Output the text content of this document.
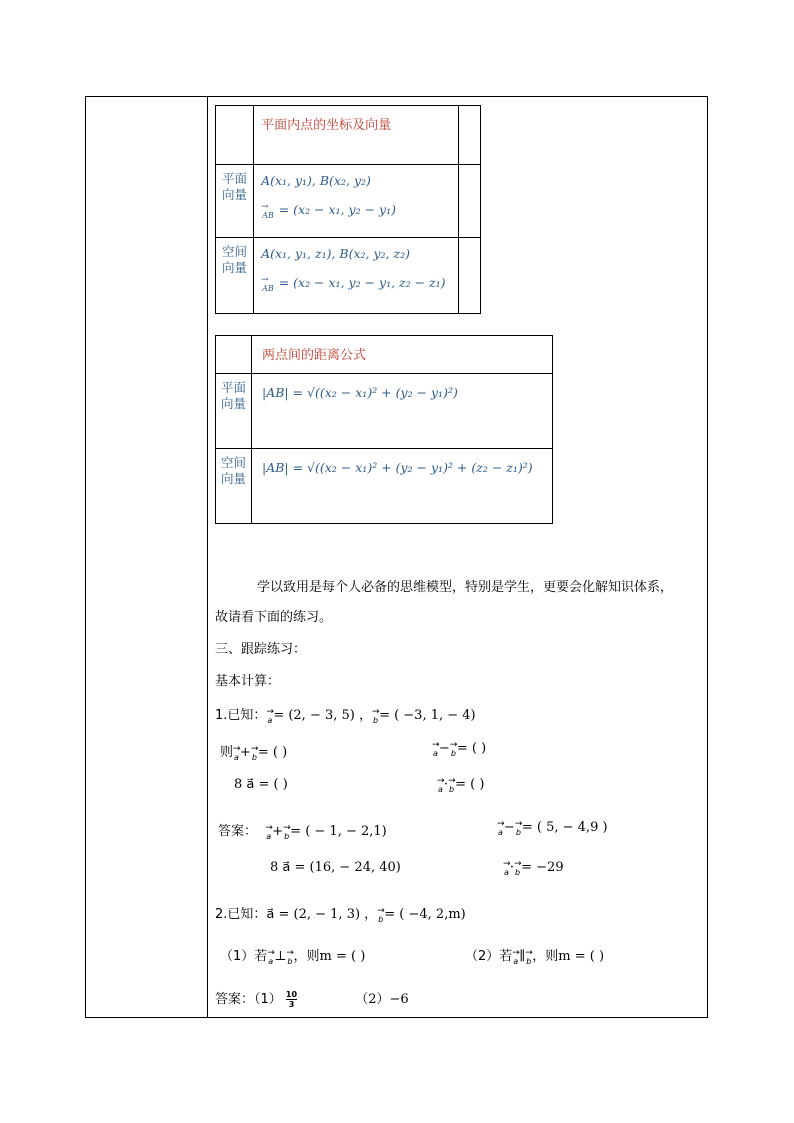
	平面内点的坐标及向量	
平面向量	A(x₁, y₁), B(x₂, y₂)
→ AB = (x₂ − x₁, y₂ − y₁)

空间向量	A(x₁, y₁, z₁), B(x₂, y₂, z₂)
→ AB = (x₂ − x₁, y₂ − y₁, z₂ − z₁)

	两点间的距离公式
平面向量	|AB| = √((x₂ − x₁)² + (y₂ − y₁)²)
空间向量	|AB| = √((x₂ − x₁)² + (y₂ − y₁)² + (z₂ − z₁)²)
学以致用是每个人必备的思维模型，特别是学生，更要会化解知识体系，
故请看下面的练习。
三、跟踪练习：
基本计算：
1.已知：→ a= (2, − 3, 5) ，→ b= ( −3, 1, − 4)
则→ a+→ b= ( )	→ a−→ b= ( )
8 a⃗ = ( )	→ a·→ b= ( )
答案： → a+→ b= ( − 1, − 2,1)	→ a−→ b= ( 5, − 4,9 )
8 a⃗ = (16, − 24, 40)	→ a·→ b= −29
2.已知：a⃗ = (2, − 1, 3) ，→ b= ( −4, 2,m)
（1）若→ a⊥→ b，则m = ( )	（2）若→ a∥→ b，则m = ( )
答案：$(1) \frac{10}{3}$	（2）−6
